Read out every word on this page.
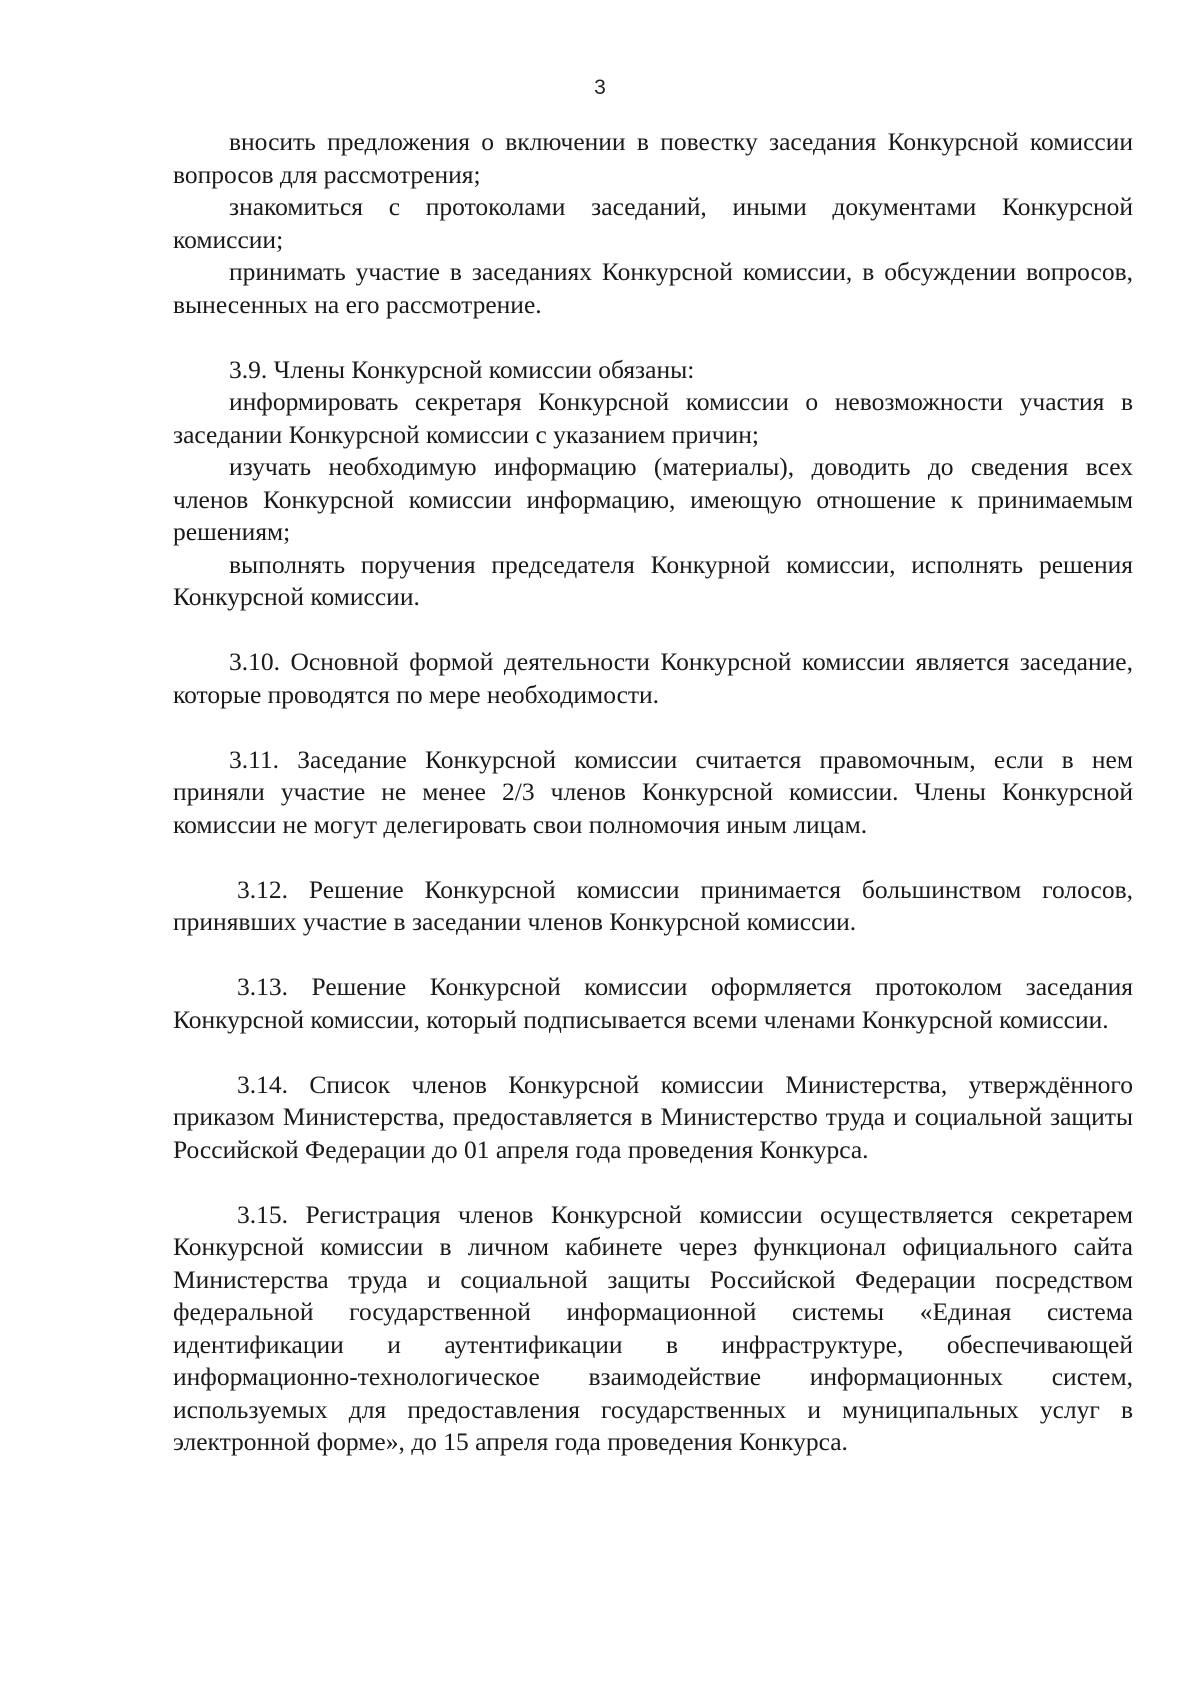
3

вносить предложения о включении в повестку заседания Конкурсной комиссии вопросов для рассмотрения;

знакомиться с протоколами заседаний, иными документами Конкурсной комиссии;

принимать участие в заседаниях Конкурсной комиссии, в обсуждении вопросов, вынесенных на его рассмотрение.

3.9. Члены Конкурсной комиссии обязаны:

информировать секретаря Конкурсной комиссии о невозможности участия в заседании Конкурсной комиссии с указанием причин;

изучать необходимую информацию (материалы), доводить до сведения всех членов Конкурсной комиссии информацию, имеющую отношение к принимаемым решениям;

выполнять поручения председателя Конкурной комиссии, исполнять решения Конкурсной комиссии.

3.10. Основной формой деятельности Конкурсной комиссии является заседание, которые проводятся по мере необходимости.

3.11. Заседание Конкурсной комиссии считается правомочным, если в нем приняли участие не менее 2/3 членов Конкурсной комиссии. Члены Конкурсной комиссии не могут делегировать свои полномочия иным лицам.

3.12. Решение Конкурсной комиссии принимается большинством голосов, принявших участие в заседании членов Конкурсной комиссии.

3.13. Решение Конкурсной комиссии оформляется протоколом заседания Конкурсной комиссии, который подписывается всеми членами Конкурсной комиссии.

3.14. Список членов Конкурсной комиссии Министерства, утверждённого приказом Министерства, предоставляется в Министерство труда и социальной защиты Российской Федерации до 01 апреля года проведения Конкурса.

3.15. Регистрация членов Конкурсной комиссии осуществляется секретарем Конкурсной комиссии в личном кабинете через функционал официального сайта Министерства труда и социальной защиты Российской Федерации посредством федеральной государственной информационной системы «Единая система идентификации и аутентификации в инфраструктуре, обеспечивающей информационно-технологическое взаимодействие информационных систем, используемых для предоставления государственных и муниципальных услуг в электронной форме», до 15 апреля года проведения Конкурса.
